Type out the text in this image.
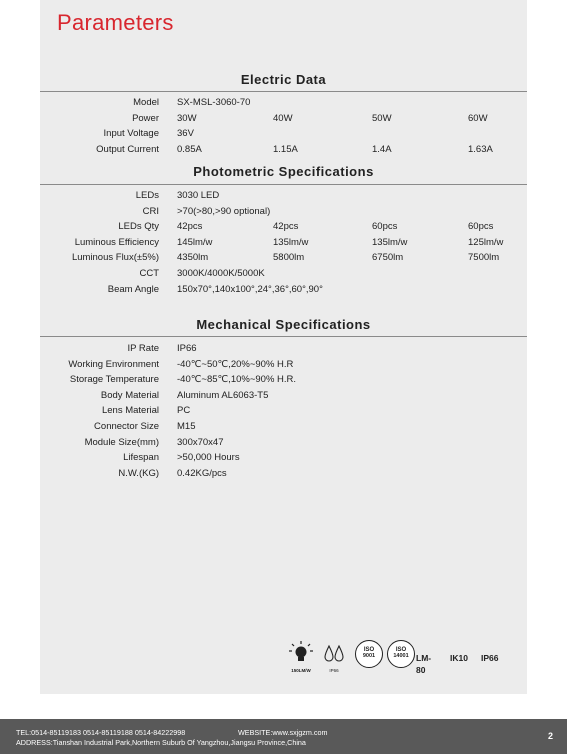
Parameters
Electric Data
Model SX-MSL-3060-70
Power 30W	40W	50W	60W
Input Voltage 36V
Output Current 0.85A	1.15A	1.4A	1.63A
Photometric Specifications
LEDs 3030 LED
CRI >70(>80,>90 optional)
LEDs Qty 42pcs	42pcs	60pcs	60pcs
Luminous Efficiency 145lm/w	135lm/w	135lm/w	125lm/w
Luminous Flux(±5%) 4350lm	5800lm	6750lm	7500lm
CCT 3000K/4000K/5000K
Beam Angle 150x70°,140x100°,24°,36°,60°,90°
Mechanical Specifications
IP Rate IP66
Working Environment -40℃~50℃,20%~90% H.R
Storage Temperature -40℃~85℃,10%~90% H.R.
Body Material Aluminum AL6063-T5
Lens Material PC
Connector Size M15
Module Size(mm) 300x70x47
Lifespan >50,000 Hours
N.W.(KG) 0.42KG/pcs
150LM/W	IP66
ISO
9001
ISO
14001 LM-80
IK10 IP66
TEL:0514-85119183 0514-85119188 0514-84222998	WEBSITE:www.sxjgzm.com
ADDRESS:Tianshan Industrial Park,Northern Suburb Of Yangzhou,Jiangsu Province,China
2
